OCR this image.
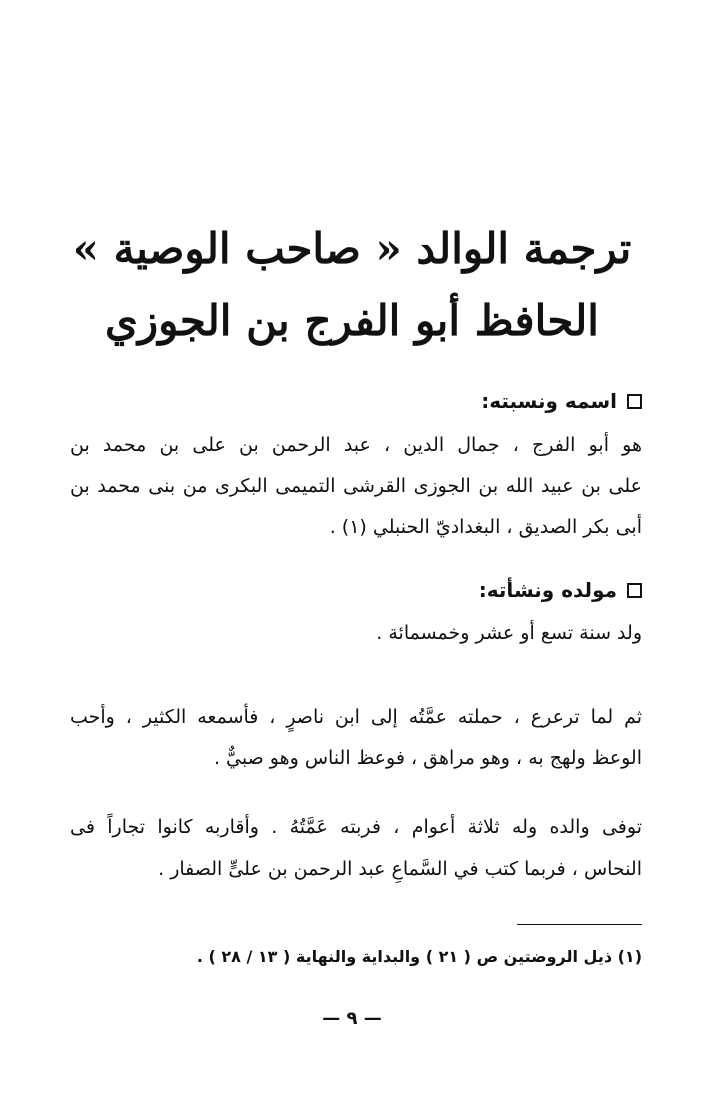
ترجمة الوالد « صاحب الوصية »
الحافظ أبو الفرج بن الجوزي
اسمه ونسبته:
هو أبو الفرج ، جمال الدين ، عبد الرحمن بن على بن محمد بن
على بن عبيد الله بن الجوزى القرشى التميمى البكرى من بنى محمد بن
أبى بكر الصديق ، البغداديّ الحنبلي (١) .
مولده ونشأته:
ولد سنة تسع أو عشر وخمسمائة .
ثم لما ترعرع ، حملته عمَّتُه إلى ابن ناصرٍ ، فأسمعه الكثير ، وأحب
الوعظ ولهج به ، وهو مراهق ، فوعظ الناس وهو صبيٌّ .
توفى والده وله ثلاثة أعوام ، فربته عَمَّتُهُ . وأقاربه كانوا تجاراً فى
النحاس ، فربما كتب في السَّماعِ عبد الرحمن بن علىٍّ الصفار .
(١) ذيل الروضتين ص ( ٢١ ) والبداية والنهاية ( ١٣ / ٢٨ ) .
— ٩ —
